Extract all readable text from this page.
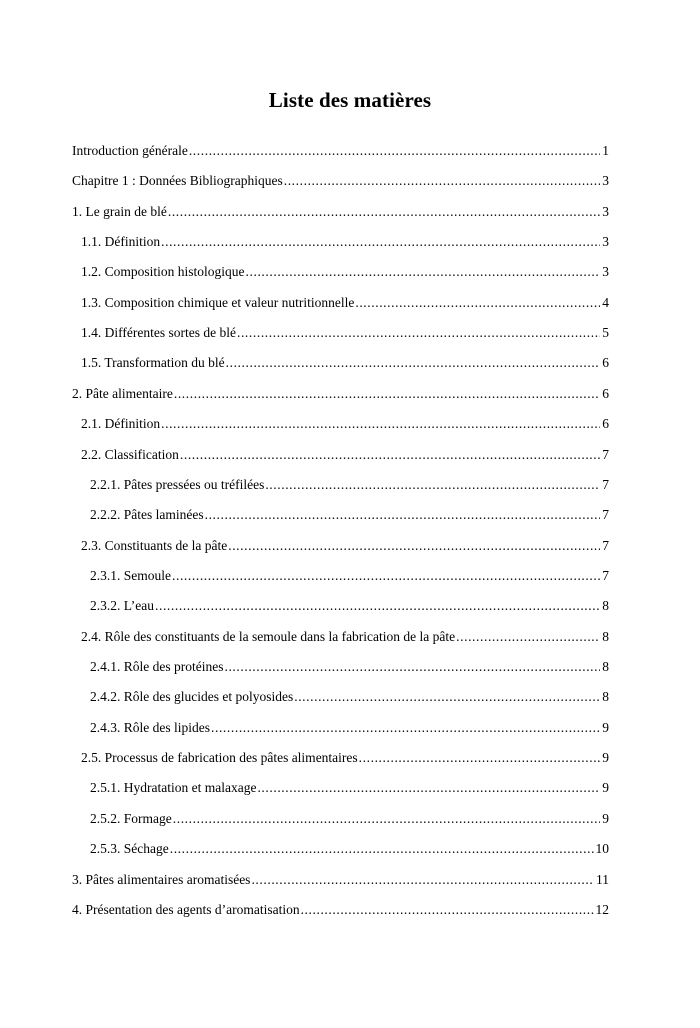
Liste des matières
Introduction générale .....	1
Chapitre 1 : Données Bibliographiques .....	3
1. Le grain de blé .....	3
1.1. Définition .....	3
1.2. Composition histologique .....	3
1.3. Composition chimique et valeur nutritionnelle .....	4
1.4. Différentes sortes de blé .....	5
1.5. Transformation du blé .....	6
2. Pâte alimentaire .....	6
2.1. Définition .....	6
2.2. Classification .....	7
2.2.1. Pâtes pressées ou tréfilées .....	7
2.2.2. Pâtes laminées .....	7
2.3. Constituants de la pâte .....	7
2.3.1. Semoule .....	7
2.3.2. L’eau .....	8
2.4. Rôle des constituants de la semoule dans la fabrication de la pâte .....	8
2.4.1. Rôle des protéines .....	8
2.4.2. Rôle des glucides et polyosides .....	8
2.4.3. Rôle des lipides .....	9
2.5. Processus de fabrication des pâtes alimentaires .....	9
2.5.1. Hydratation et malaxage .....	9
2.5.2. Formage .....	9
2.5.3. Séchage .....	10
3. Pâtes alimentaires aromatisées .....	11
4. Présentation des agents d’aromatisation .....	12
